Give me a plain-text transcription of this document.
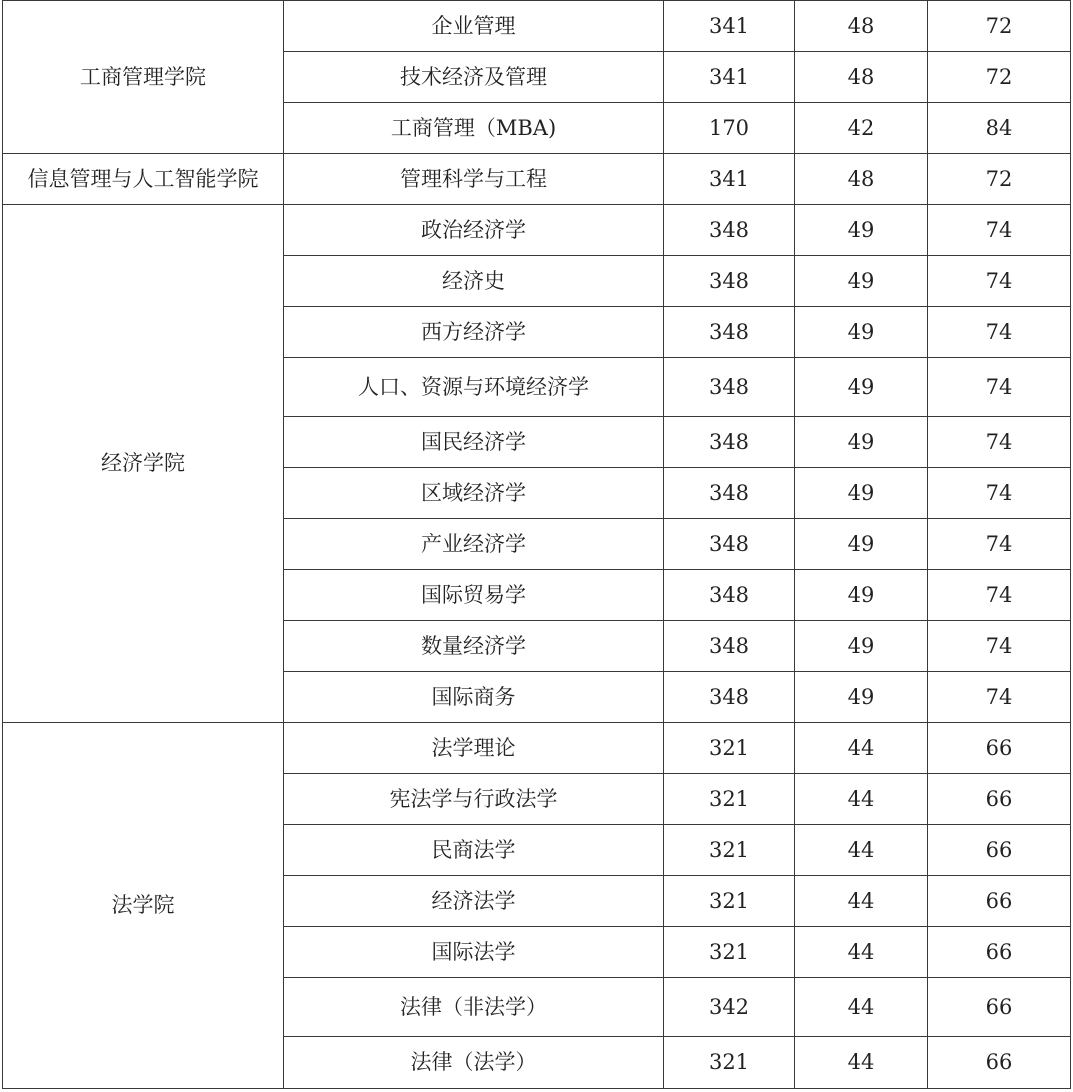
工商管理学院	企业管理	341	48	72
	技术经济及管理	341	48	72
	工商管理（MBA)	170	42	84
信息管理与人工智能学院	管理科学与工程	341	48	72
经济学院	政治经济学	348	49	74
	经济史	348	49	74
	西方经济学	348	49	74
	人口、资源与环境经济学	348	49	74
	国民经济学	348	49	74
	区域经济学	348	49	74
	产业经济学	348	49	74
	国际贸易学	348	49	74
	数量经济学	348	49	74
	国际商务	348	49	74
法学院	法学理论	321	44	66
	宪法学与行政法学	321	44	66
	民商法学	321	44	66
	经济法学	321	44	66
	国际法学	321	44	66
	法律（非法学）	342	44	66
	法律（法学）	321	44	66
